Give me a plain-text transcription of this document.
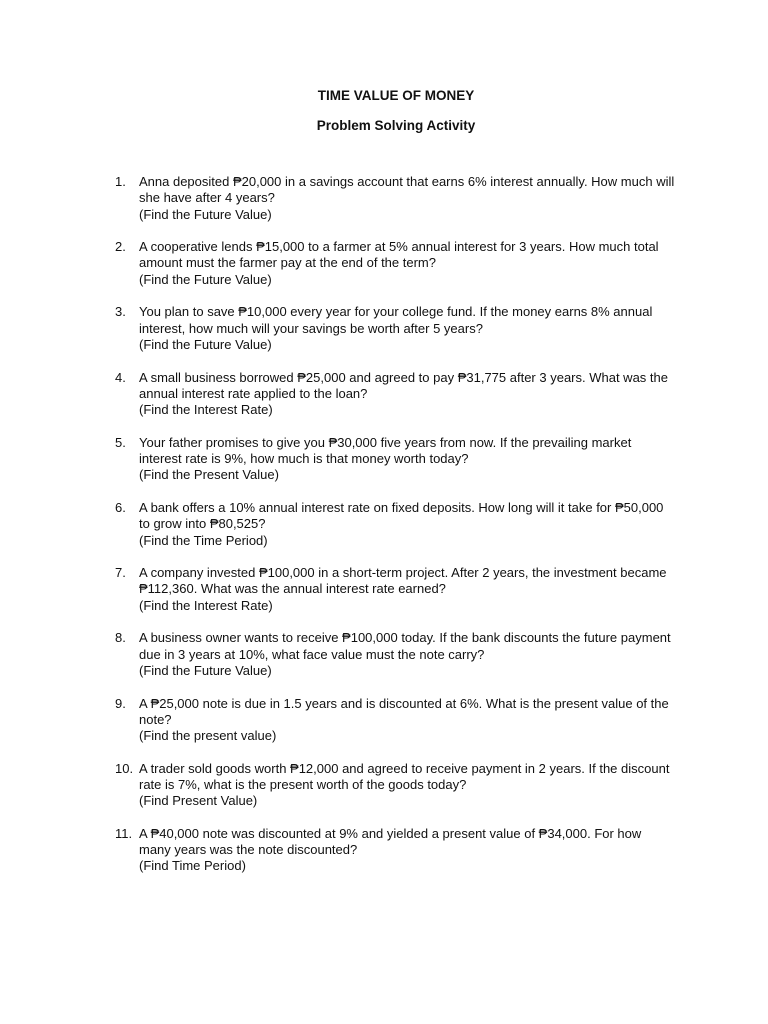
TIME VALUE OF MONEY
Problem Solving Activity
1. Anna deposited ₱20,000 in a savings account that earns 6% interest annually. How much will she have after 4 years?
(Find the Future Value)
2. A cooperative lends ₱15,000 to a farmer at 5% annual interest for 3 years. How much total amount must the farmer pay at the end of the term?
(Find the Future Value)
3. You plan to save ₱10,000 every year for your college fund. If the money earns 8% annual interest, how much will your savings be worth after 5 years?
(Find the Future Value)
4. A small business borrowed ₱25,000 and agreed to pay ₱31,775 after 3 years. What was the annual interest rate applied to the loan?
(Find the Interest Rate)
5. Your father promises to give you ₱30,000 five years from now. If the prevailing market interest rate is 9%, how much is that money worth today?
(Find the Present Value)
6. A bank offers a 10% annual interest rate on fixed deposits. How long will it take for ₱50,000 to grow into ₱80,525?
(Find the Time Period)
7. A company invested ₱100,000 in a short-term project. After 2 years, the investment became ₱112,360. What was the annual interest rate earned?
(Find the Interest Rate)
8. A business owner wants to receive ₱100,000 today. If the bank discounts the future payment due in 3 years at 10%, what face value must the note carry?
(Find the Future Value)
9. A ₱25,000 note is due in 1.5 years and is discounted at 6%. What is the present value of the note?
(Find the present value)
10. A trader sold goods worth ₱12,000 and agreed to receive payment in 2 years. If the discount rate is 7%, what is the present worth of the goods today?
(Find Present Value)
11. A ₱40,000 note was discounted at 9% and yielded a present value of ₱34,000. For how many years was the note discounted?
(Find Time Period)
